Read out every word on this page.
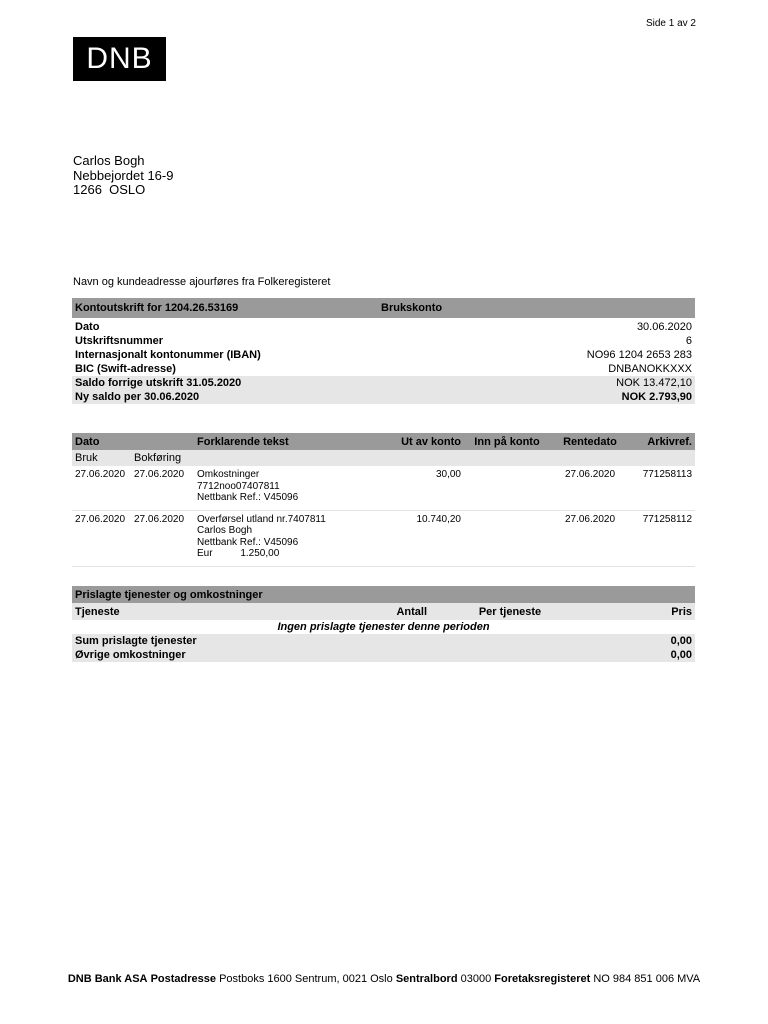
Side 1 av 2
DNB
Carlos Bogh
Nebbejordet 16-9
1266  OSLO
Navn og kundeadresse ajourføres fra Folkeregisteret
Kontoutskrift for 1204.26.53169	Brukskonto	

Dato		30.06.2020
Utskriftsnummer		6
Internasjonalt kontonummer (IBAN)		NO96 1204 2653 283
BIC (Swift-adresse)		DNBANOKKXXX
Saldo forrige utskrift 31.05.2020		NOK 13.472,10
Ny saldo per 30.06.2020		NOK 2.793,90
Dato		Forklarende tekst	Ut av konto	Inn på konto	Rentedato	Arkivref.
Bruk	Bokføring					
27.06.2020	27.06.2020	Omkostninger
7712noo07407811
Nettbank Ref.: V45096	30,00		27.06.2020	771258113
27.06.2020	27.06.2020	Overførsel utland nr.7407811
Carlos Bogh
Nettbank Ref.: V45096
Eur          1.250,00	10.740,20		27.06.2020	771258112
Prislagte tjenester og omkostninger			
Tjeneste	Antall	Per tjeneste	Pris
Ingen prislagte tjenester denne perioden			
Sum prislagte tjenester			0,00
Øvrige omkostninger			0,00
DNB Bank ASA Postadresse Postboks 1600 Sentrum, 0021 Oslo Sentralbord 03000 Foretaksregisteret NO 984 851 006 MVA
